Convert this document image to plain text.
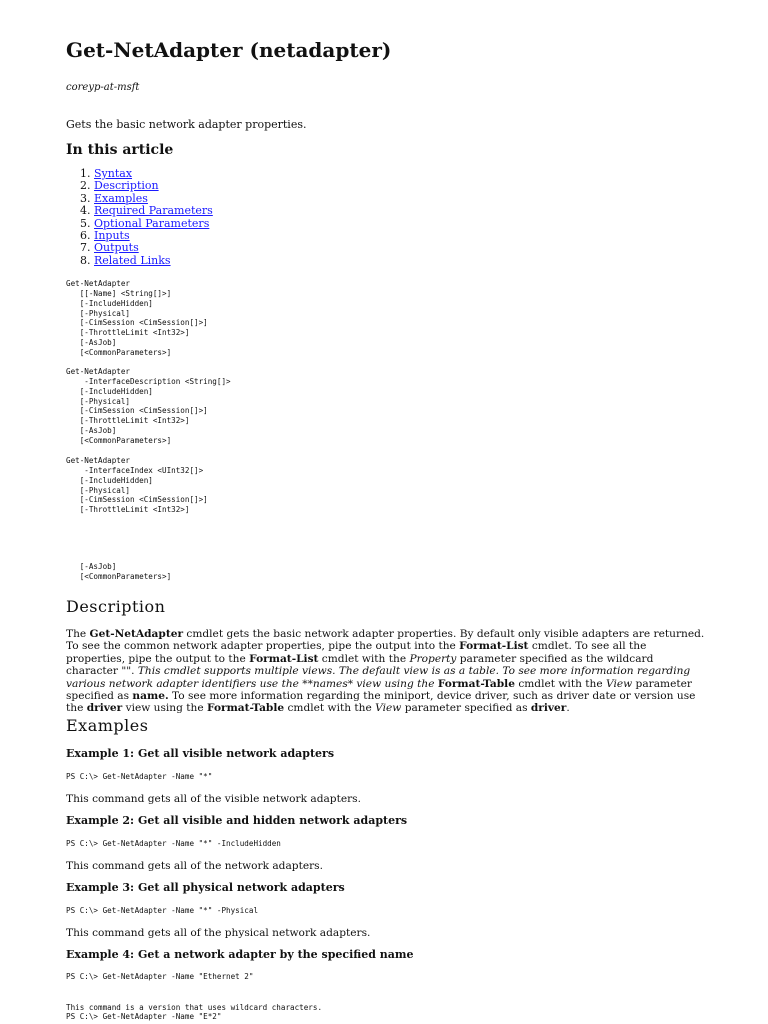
Get-NetAdapter (netadapter)
coreyp-at-msft
Gets the basic network adapter properties.
In this article
1. Syntax
2. Description
3. Examples
4. Required Parameters
5. Optional Parameters
6. Inputs
7. Outputs
8. Related Links
Get-NetAdapter
[[-Name] <String[]>]
[-IncludeHidden]
[-Physical]
[-CimSession <CimSession[]>]
[-ThrottleLimit <Int32>]
[-AsJob]
[<CommonParameters>]
Get-NetAdapter
-InterfaceDescription <String[]>
[-IncludeHidden]
[-Physical]
[-CimSession <CimSession[]>]
[-ThrottleLimit <Int32>]
[-AsJob]
[<CommonParameters>]
Get-NetAdapter
-InterfaceIndex <UInt32[]>
[-IncludeHidden]
[-Physical]
[-CimSession <CimSession[]>]
[-ThrottleLimit <Int32>]
[-AsJob]
[<CommonParameters>]
Description

The Get-NetAdapter cmdlet gets the basic network adapter properties. By default only visible adapters are returned. To see the common network adapter properties, pipe the output into the Format-List cmdlet. To see all the properties, pipe the output to the Format-List cmdlet with the Property parameter specified as the wildcard character "". This cmdlet supports multiple views. The default view is as a table. To see more information regarding various network adapter identifiers use the **names* view using the Format-Table cmdlet with the View parameter specified as name. To see more information regarding the miniport, device driver, such as driver date or version use the driver view using the Format-Table cmdlet with the View parameter specified as driver.

Examples
Example 1: Get all visible network adapters
PS C:\> Get-NetAdapter -Name "*"

This command gets all of the visible network adapters.

Example 2: Get all visible and hidden network adapters
PS C:\> Get-NetAdapter -Name "*" -IncludeHidden

This command gets all of the network adapters.

Example 3: Get all physical network adapters
PS C:\> Get-NetAdapter -Name "*" -Physical

This command gets all of the physical network adapters.

Example 4: Get a network adapter by the specified name
PS C:\> Get-NetAdapter -Name "Ethernet 2"
This command is a version that uses wildcard characters.
PS C:\> Get-NetAdapter -Name "E*2"
